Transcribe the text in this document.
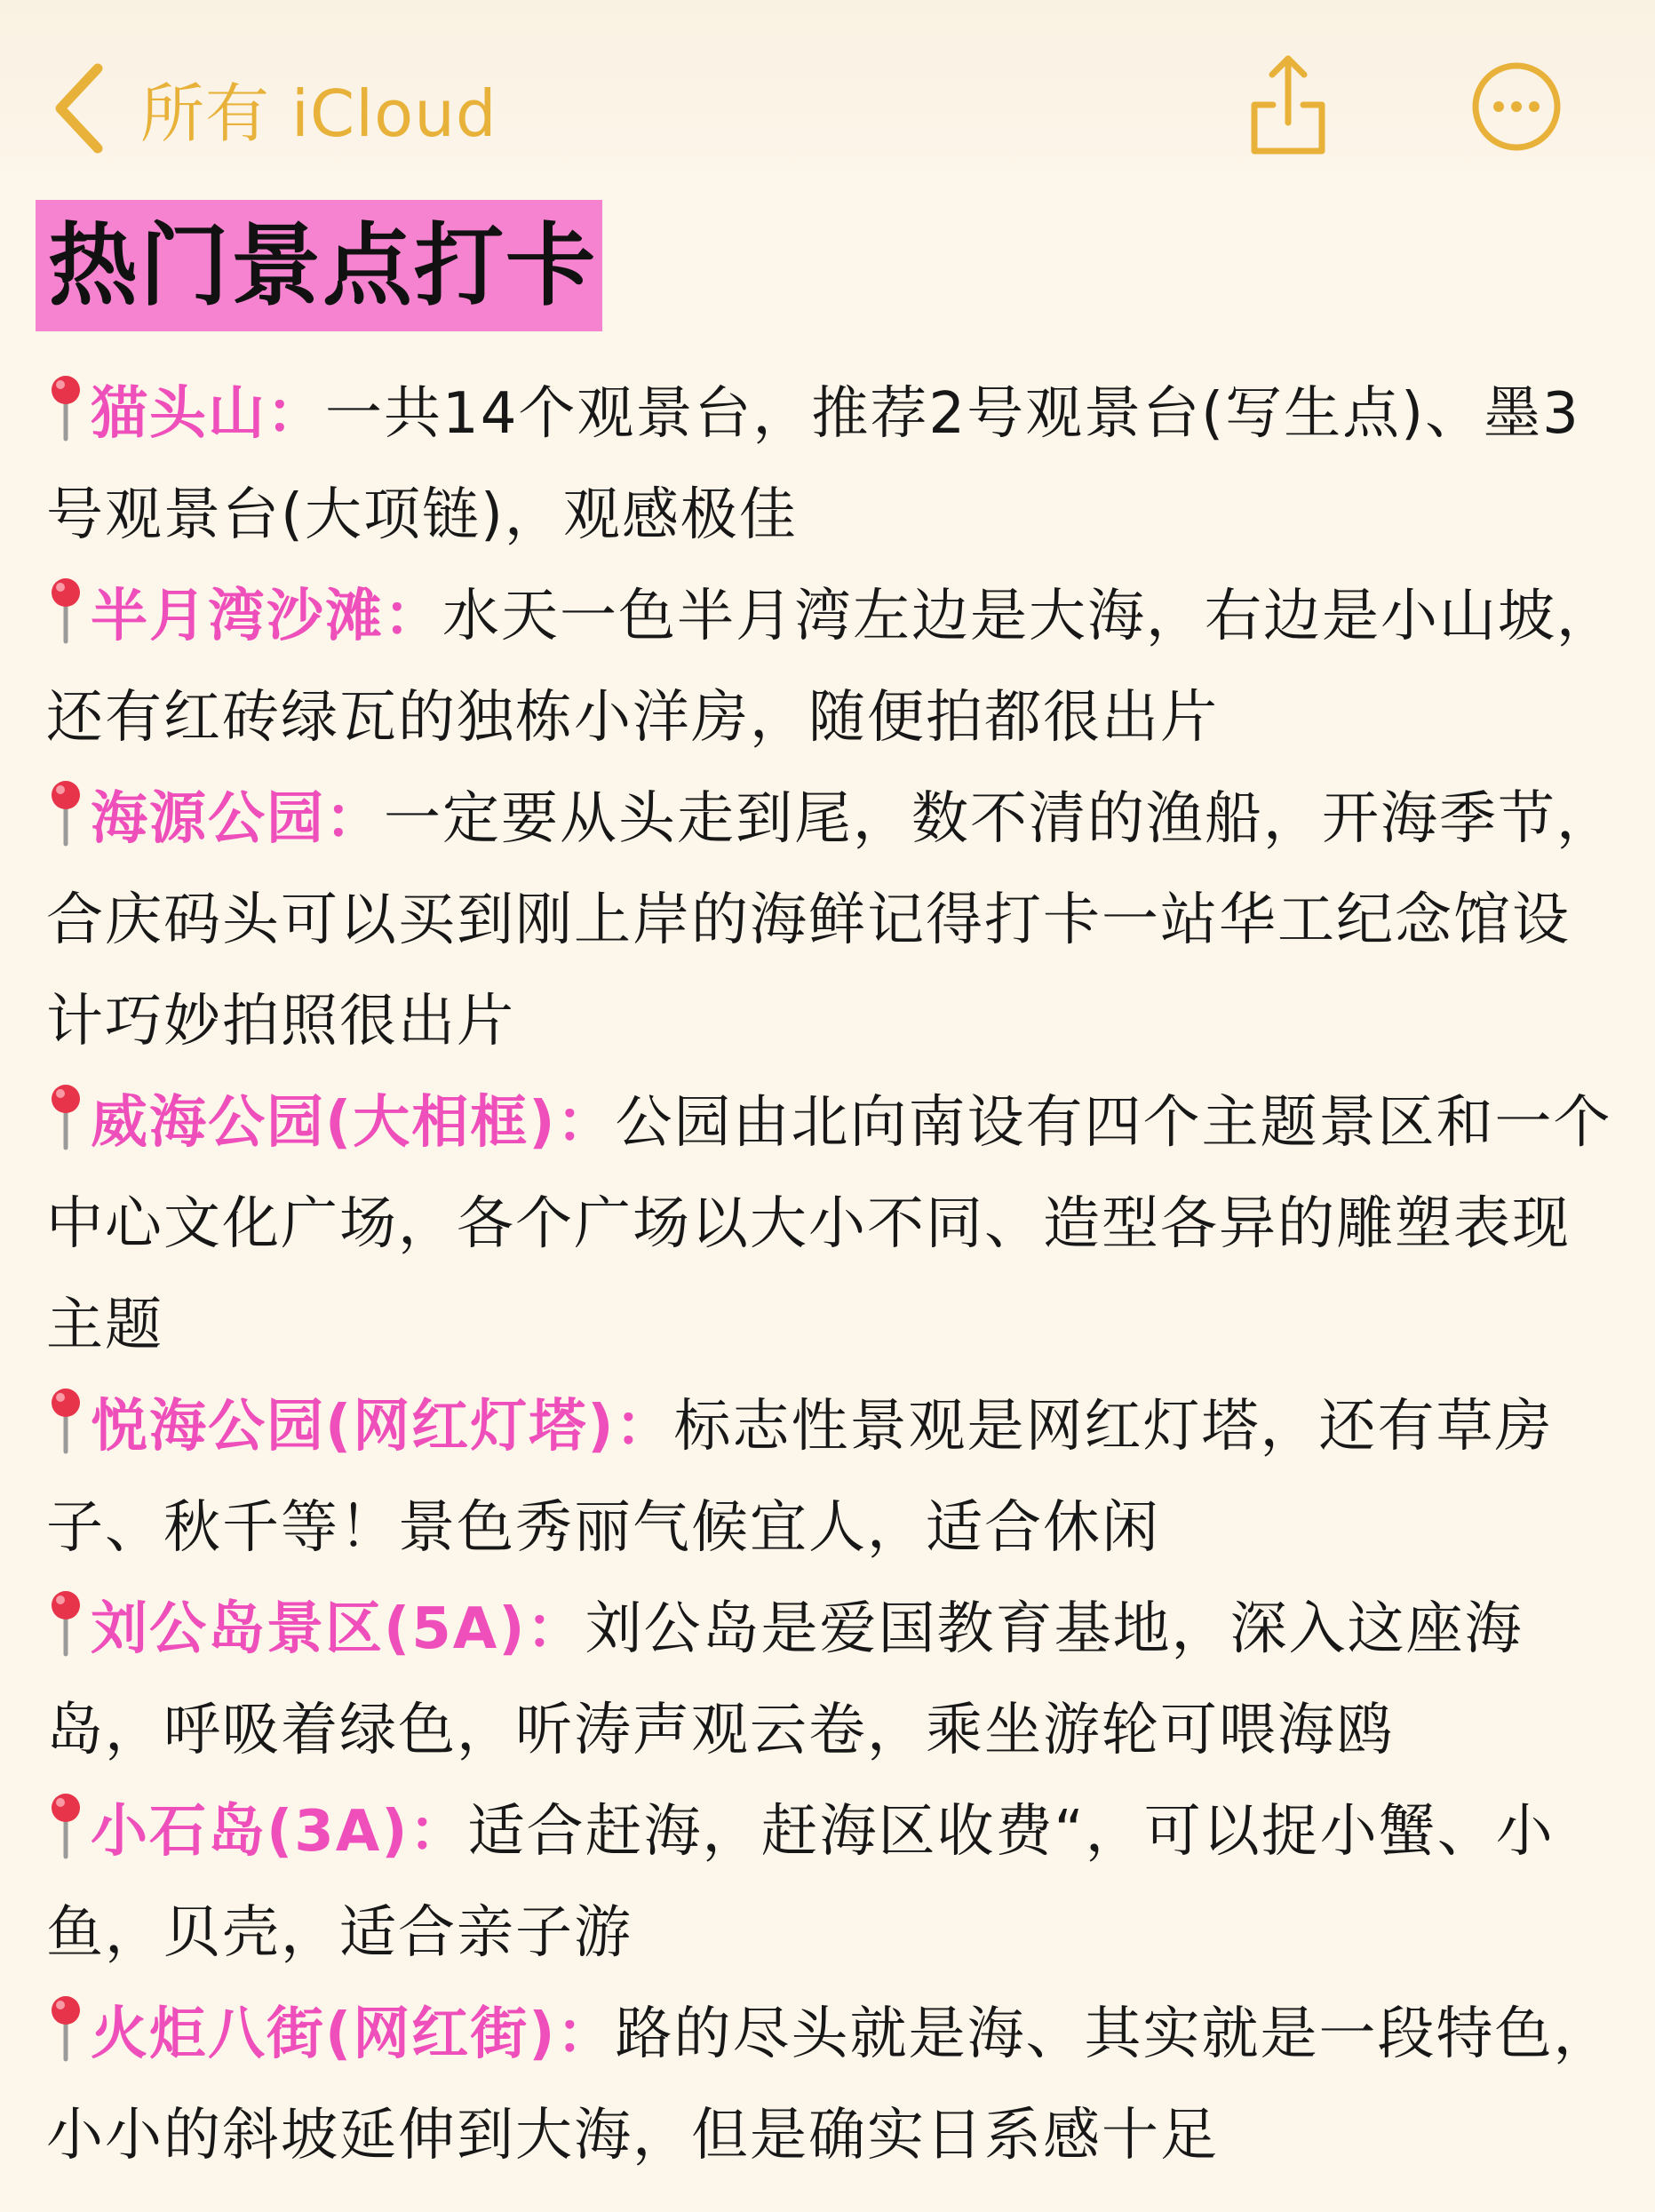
所有 iCloud
热门景点打卡

猫头山：一共14个观景台，推荐2号观景台(写生点)、墨3号观景台(大项链)，观感极佳

半月湾沙滩：水天一色半月湾左边是大海，右边是小山坡，还有红砖绿瓦的独栋小洋房，随便拍都很出片

海源公园：一定要从头走到尾，数不清的渔船，开海季节，合庆码头可以买到刚上岸的海鲜记得打卡一站华工纪念馆设计巧妙拍照很出片

威海公园(大相框)：公园由北向南设有四个主题景区和一个中心文化广场，各个广场以大小不同、造型各异的雕塑表现主题

悦海公园(网红灯塔)：标志性景观是网红灯塔，还有草房子、秋千等！景色秀丽气候宜人，适合休闲

刘公岛景区(5A)：刘公岛是爱国教育基地，深入这座海岛，呼吸着绿色，听涛声观云卷，乘坐游轮可喂海鸥

小石岛(3A)：适合赶海，赶海区收费“，可以捉小蟹、小鱼，贝壳，适合亲子游

火炬八街(网红街)：路的尽头就是海、其实就是一段特色，小小的斜坡延伸到大海，但是确实日系感十足
